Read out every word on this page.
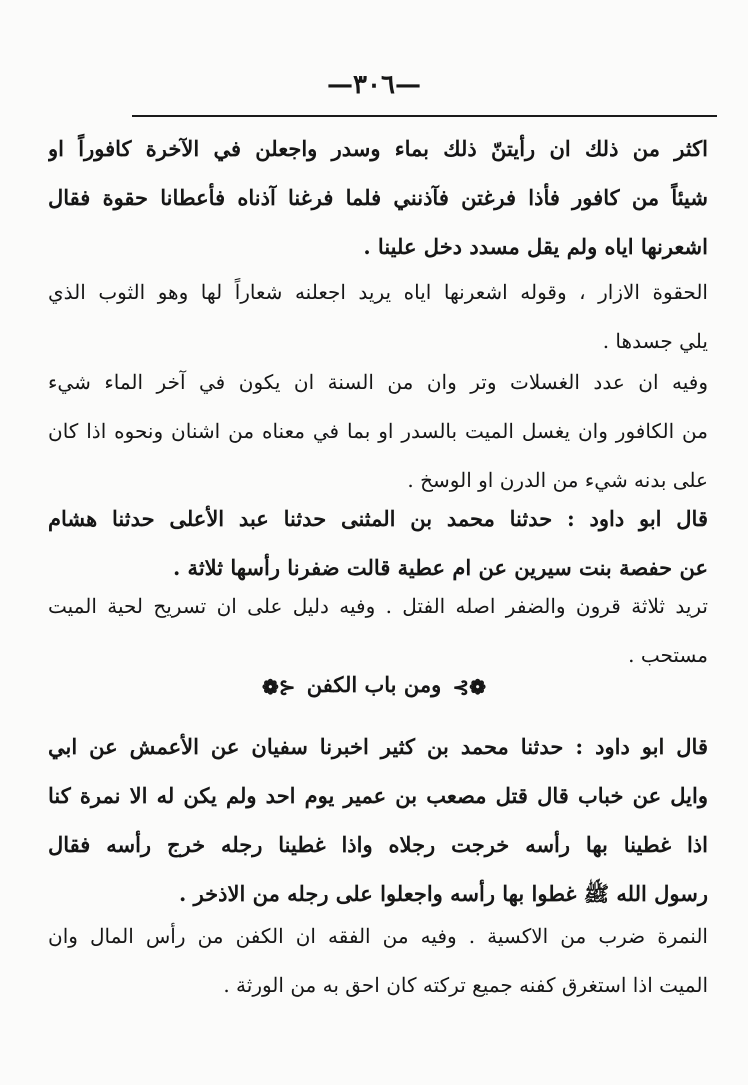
—٣٠٦—
اكثر من ذلك ان رأيتنّ ذلك بماء وسدر واجعلن في الآخرة كافوراً او
شيئاً من كافور فأذا فرغتن فآذنني فلما فرغنا آذناه فأعطانا حقوة فقال
اشعرنها اياه ولم يقل مسدد دخل علينا .
الحقوة الازار ، وقوله اشعرنها اياه يريد اجعلنه شعاراً لها وهو الثوب الذي
يلي جسدها .
وفيه ان عدد الغسلات وتر وان من السنة ان يكون في آخر الماء شيء
من الكافور وان يغسل الميت بالسدر او بما في معناه من اشنان ونحوه اذا كان
على بدنه شيء من الدرن او الوسخ .
قال ابو داود : حدثنا محمد بن المثنى حدثنا عبد الأعلى حدثنا هشام
عن حفصة بنت سيرين عن ام عطية قالت ضفرنا رأسها ثلاثة .
تريد ثلاثة قرون والضفر اصله الفتل . وفيه دليل على ان تسريح لحية الميت
مستحب .
❁⊱ ومن باب الكفن ⊰❁
قال ابو داود : حدثنا محمد بن كثير اخبرنا سفيان عن الأعمش عن ابي
وايل عن خباب قال قتل مصعب بن عمير يوم احد ولم يكن له الا نمرة كنا
اذا غطينا بها رأسه خرجت رجلاه واذا غطينا رجله خرج رأسه فقال
رسول الله ﷺ غطوا بها رأسه واجعلوا على رجله من الاذخر .
النمرة ضرب من الاكسية . وفيه من الفقه ان الكفن من رأس المال وان
الميت اذا استغرق كفنه جميع تركته كان احق به من الورثة .
